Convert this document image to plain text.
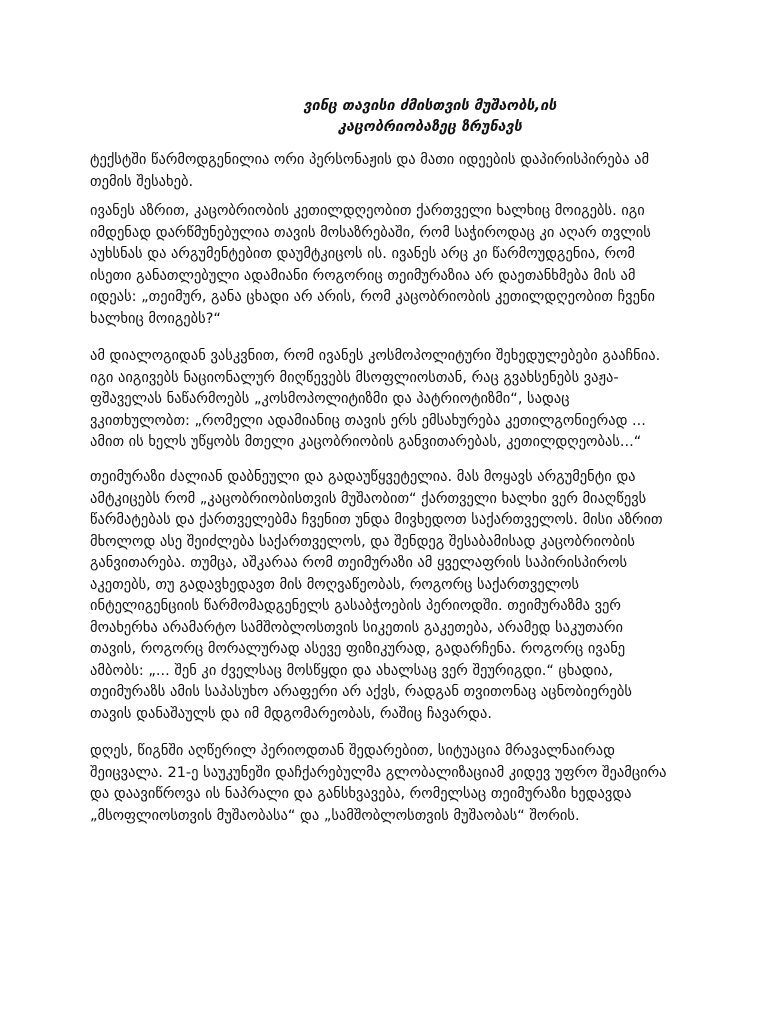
ვინც თავისი ძმისთვის მუშაობს,ის
კაცობრიობაზეც ზრუნავს
ტექსტში წარმოდგენილია ორი პერსონაჟის და მათი იდეების დაპირისპირება ამ
თემის შესახებ.
ივანეს აზრით, კაცობრიობის კეთილდღეობით ქართველი ხალხიც მოიგებს. იგი
იმდენად დარწმუნებულია თავის მოსაზრებაში, რომ საჭიროდაც კი აღარ თვლის
აუხსნას და არგუმენტებით დაუმტკიცოს ის. ივანეს არც კი წარმოუდგენია, რომ
ისეთი განათლებული ადამიანი როგორიც თეიმურაზია არ დაეთანხმება მის ამ
იდეას: „თეიმურ, განა ცხადი არ არის, რომ კაცობრიობის კეთილდღეობით ჩვენი
ხალხიც მოიგებს?“
ამ დიალოგიდან ვასკვნით, რომ ივანეს კოსმოპოლიტური შეხედულებები გააჩნია.
იგი აიგივებს ნაციონალურ მიღწევებს მსოფლიოსთან, რაც გვახსენებს ვაჟა-
ფშაველას ნაწარმოებს „კოსმოპოლიტიზმი და პატრიოტიზმი“, სადაც
ვკითხულობთ: „რომელი ადამიანიც თავის ერს ემსახურება კეთილგონიერად ...
ამით ის ხელს უწყობს მთელი კაცობრიობის განვითარებას, კეთილდღეობას...“
თეიმურაზი ძალიან დაბნეული და გადაუწყვეტელია. მას მოყავს არგუმენტი და
ამტკიცებს რომ „კაცობრიობისთვის მუშაობით“ ქართველი ხალხი ვერ მიაღწევს
წარმატებას და ქართველებმა ჩვენით უნდა მივხედოთ საქართველოს. მისი აზრით
მხოლოდ ასე შეიძლება საქართველოს, და შენდეგ შესაბამისად კაცობრიობის
განვითარება. თუმცა, აშკარაა რომ თეიმურაზი ამ ყველაფრის საპირისპიროს
აკეთებს, თუ გადავხედავთ მის მოღვაწეობას, როგორც საქართველოს
ინტელიგენციის წარმომადგენელს გასაბჭოების პერიოდში. თეიმურაზმა ვერ
მოახერხა არამარტო სამშობლოსთვის სიკეთის გაკეთება, არამედ საკუთარი
თავის, როგორც მორალურად ასევე ფიზიკურად, გადარჩენა. როგორც ივანე
ამბობს: „... შენ კი ძველსაც მოსწყდი და ახალსაც ვერ შეურიგდი.“ ცხადია,
თეიმურაზს ამის საპასუხო არაფერი არ აქვს, რადგან თვითონაც აცნობიერებს
თავის დანაშაულს და იმ მდგომარეობას, რაშიც ჩავარდა.
დღეს, წიგნში აღწერილ პერიოდთან შედარებით, სიტუაცია მრავალნაირად
შეიცვალა. 21-ე საუკუნეში დაჩქარებულმა გლობალიზაციამ კიდევ უფრო შეამცირა
და დაავიწროვა ის ნაპრალი და განსხვავება, რომელსაც თეიმურაზი ხედავდა
„მსოფლიოსთვის მუშაობასა“ და „სამშობლოსთვის მუშაობას“ შორის.
